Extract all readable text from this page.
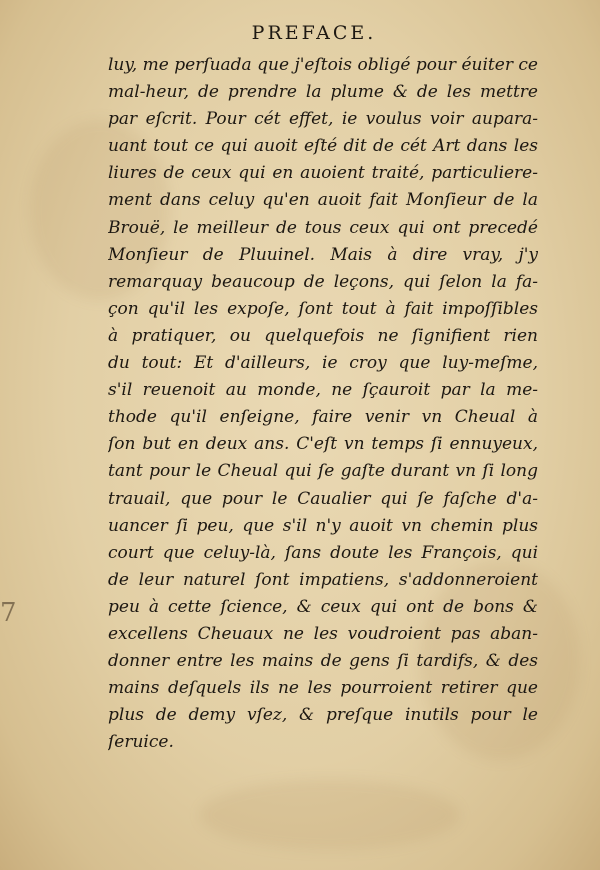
PREFACE.
luy, me perſuada que j'eſtois obligé pour éuiter ce
mal-heur, de prendre la plume & de les mettre
par eſcrit. Pour cét effet, ie voulus voir auparа-
uant tout ce qui auoit eſté dit de cét Art dans les
liures de ceux qui en auoient traité, particuliere-
ment dans celuy qu'en auoit fait Monſieur de la
Brouë, le meilleur de tous ceux qui ont precedé
Monſieur de Pluuinel. Mais à dire vray, j'y
remarquay beaucoup de leçons, qui ſelon la fa-
çon qu'il les expoſe, ſont tout à fait impoſſibles
à pratiquer, ou quelquefois ne ſignifient rien
du tout: Et d'ailleurs, ie croy que luy-meſme,
s'il reuenoit au monde, ne ſçauroit par la me-
thode qu'il enſeigne, faire venir vn Cheual à
ſon but en deux ans. C'eſt vn temps ſi ennuyeux,
tant pour le Cheual qui ſe gaſte durant vn ſi long
trauail, que pour le Caualier qui ſe faſche d'a-
uancer ſi peu, que s'il n'y auoit vn chemin plus
court que celuy-là, ſans doute les François, qui
de leur naturel ſont impatiens, s'addonneroient
peu à cette ſcience, & ceux qui ont de bons &
excellens Cheuaux ne les voudroient pas aban-
donner entre les mains de gens ſi tardifs, & des
mains deſquels ils ne les pourroient retirer que
plus de demy vſez, & preſque inutils pour le
ſeruice.
7
